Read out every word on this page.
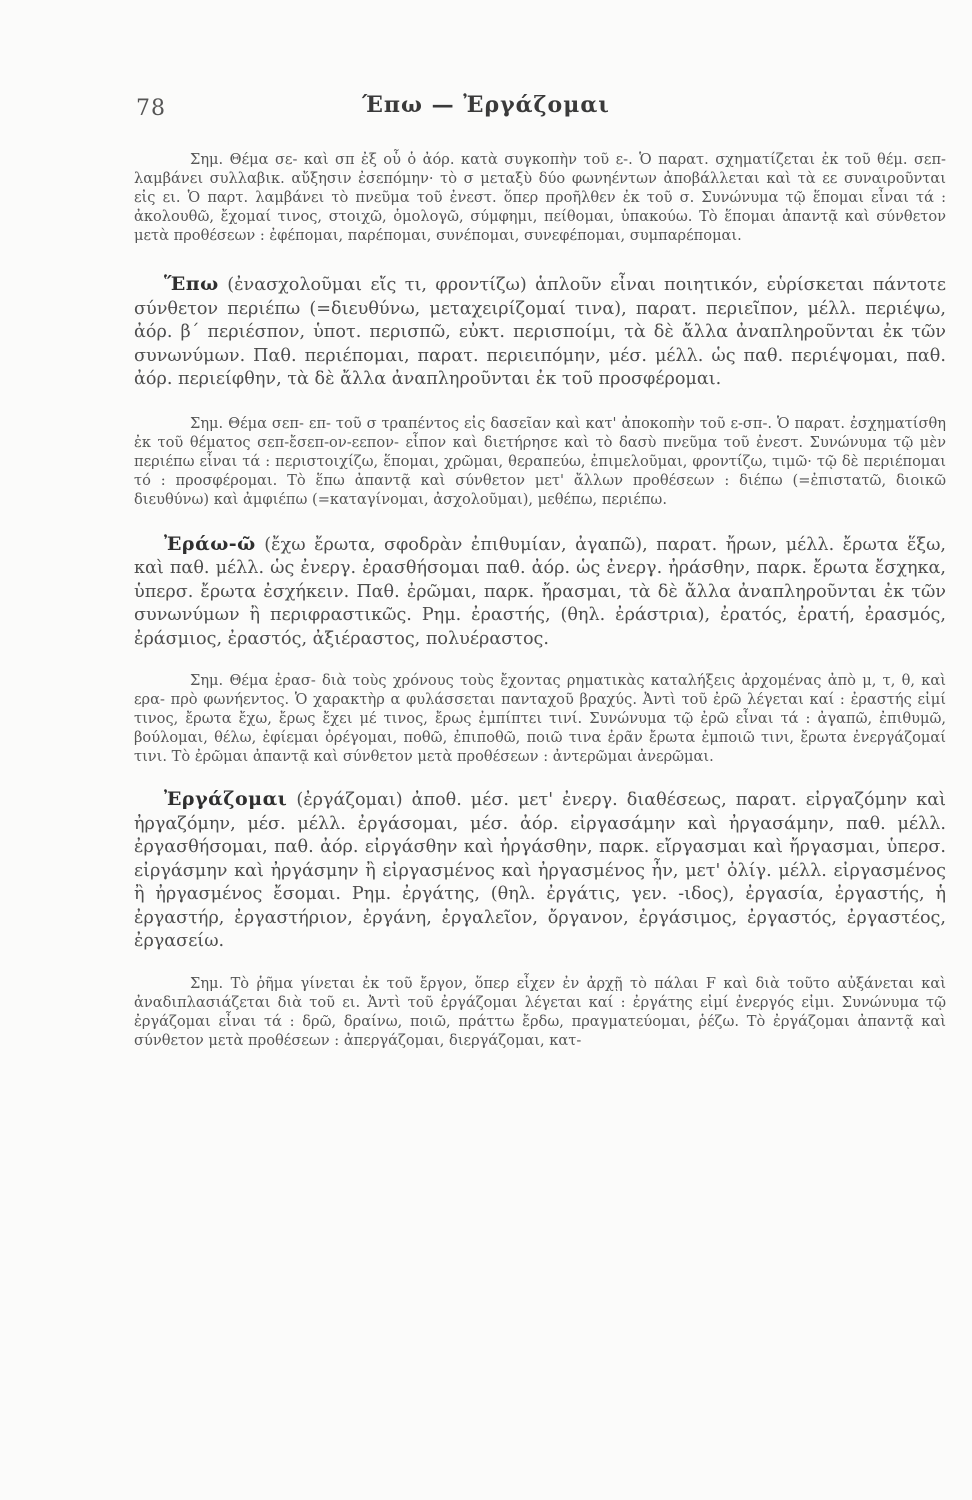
78	Έπω — Ἐργάζομαι

Σημ. Θέμα σε- καὶ σπ ἐξ οὗ ὁ ἀόρ. κατὰ συγκοπὴν τοῦ ε-. Ὁ παρατ. σχηματίζεται ἐκ τοῦ θέμ. σεπ- λαμβάνει συλλαβικ. αὔξησιν ἐσεπόμην· τὸ σ μεταξὺ δύο φωνηέντων ἀποβάλλεται καὶ τὰ εε συναιροῦνται εἰς ει. Ὁ παρτ. λαμβάνει τὸ πνεῦμα τοῦ ἐνεστ. ὅπερ προῆλθεν ἐκ τοῦ σ. Συνώνυμα τῷ ἕπομαι εἶναι τά : ἀκολουθῶ, ἔχομαί τινος, στοιχῶ, ὁμολογῶ, σύμφημι, πείθομαι, ὑπακούω. Τὸ ἕπομαι ἀπαντᾷ καὶ σύνθετον μετὰ προθέσεων : ἐφέπομαι, παρέπομαι, συνέπομαι, συνεφέπομαι, συμπαρέπομαι.

Ἕπω (ἐνασχολοῦμαι εἴς τι, φροντίζω) ἁπλοῦν εἶναι ποιητικόν, εὑρίσκεται πάντοτε σύνθετον περιέπω (=διευθύνω, μεταχειρίζομαί τινα), παρατ. περιεῖπον, μέλλ. περιέψω, ἀόρ. β΄ περιέσπον, ὑποτ. περισπῶ, εὐκτ. περισποίμι, τὰ δὲ ἄλλα ἀναπληροῦνται ἐκ τῶν συνωνύμων. Παθ. περιέπομαι, παρατ. περιειπόμην, μέσ. μέλλ. ὡς παθ. περιέψομαι, παθ. ἀόρ. περιείφθην, τὰ δὲ ἄλλα ἀναπληροῦνται ἐκ τοῦ προσφέρομαι.

Σημ. Θέμα σεπ- επ- τοῦ σ τραπέντος εἰς δασεῖαν καὶ κατ' ἀποκοπὴν τοῦ ε-σπ-. Ὁ παρατ. ἐσχηματίσθη ἐκ τοῦ θέματος σεπ-ἔσεπ-ον-εεπον- εἶπον καὶ διετήρησε καὶ τὸ δασὺ πνεῦμα τοῦ ἐνεστ. Συνώνυμα τῷ μὲν περιέπω εἶναι τά : περιστοιχίζω, ἕπομαι, χρῶμαι, θεραπεύω, ἐπιμελοῦμαι, φροντίζω, τιμῶ· τῷ δὲ περιέπομαι τό : προσφέρομαι. Τὸ ἕπω ἀπαντᾷ καὶ σύνθετον μετ' ἄλλων προθέσεων : διέπω (=ἐπιστατῶ, διοικῶ διευθύνω) καὶ ἀμφιέπω (=καταγίνομαι, ἀσχολοῦμαι), μεθέπω, περιέπω.

Ἐράω-ῶ (ἔχω ἔρωτα, σφοδρὰν ἐπιθυμίαν, ἀγαπῶ), παρατ. ἤρων, μέλλ. ἔρωτα ἕξω, καὶ παθ. μέλλ. ὡς ἐνεργ. ἐρασθήσομαι παθ. ἀόρ. ὡς ἐνεργ. ἠράσθην, παρκ. ἔρωτα ἔσχηκα, ὑπερσ. ἔρωτα ἐσχήκειν. Παθ. ἐρῶμαι, παρκ. ἤρασμαι, τὰ δὲ ἄλλα ἀναπληροῦνται ἐκ τῶν συνωνύμων ἢ περιφραστικῶς. Ρημ. ἐραστής, (θηλ. ἐράστρια), ἐρατός, ἐρατή, ἐρασμός, ἐράσμιος, ἐραστός, ἀξιέραστος, πολυέραστος.

Σημ. Θέμα ἐρασ- διὰ τοὺς χρόνους τοὺς ἔχοντας ρηματικὰς καταλήξεις ἀρχομένας ἀπὸ μ, τ, θ, καὶ ερα- πρὸ φωνήεντος. Ὁ χαρακτὴρ α φυλάσσεται πανταχοῦ βραχύς. Ἀντὶ τοῦ ἐρῶ λέγεται καί : ἐραστής εἰμί τινος, ἔρωτα ἔχω, ἔρως ἔχει μέ τινος, ἔρως ἐμπίπτει τινί. Συνώνυμα τῷ ἐρῶ εἶναι τά : ἀγαπῶ, ἐπιθυμῶ, βούλομαι, θέλω, ἐφίεμαι ὀρέγομαι, ποθῶ, ἐπιποθῶ, ποιῶ τινα ἐρᾶν ἔρωτα ἐμποιῶ τινι, ἔρωτα ἐνεργάζομαί τινι. Τὸ ἐρῶμαι ἀπαντᾷ καὶ σύνθετον μετὰ προθέσεων : ἀντερῶμαι ἀνερῶμαι.

Ἐργάζομαι (ἐργάζομαι) ἀποθ. μέσ. μετ' ἐνεργ. διαθέσεως, παρατ. εἰργαζόμην καὶ ἠργαζόμην, μέσ. μέλλ. ἐργάσομαι, μέσ. ἀόρ. εἰργασάμην καὶ ἠργασάμην, παθ. μέλλ. ἐργασθήσομαι, παθ. ἀόρ. εἰργάσθην καὶ ἠργάσθην, παρκ. εἴργασμαι καὶ ἤργασμαι, ὑπερσ. εἰργάσμην καὶ ἠργάσμην ἢ εἰργασμένος καὶ ἠργασμένος ἦν, μετ' ὀλίγ. μέλλ. εἰργασμένος ἢ ἠργασμένος ἔσομαι. Ρημ. ἐργάτης, (θηλ. ἐργάτις, γεν. -ιδος), ἐργασία, ἐργαστής, ἡ ἐργαστήρ, ἐργαστήριον, ἐργάνη, ἐργαλεῖον, ὄργανον, ἐργάσιμος, ἐργαστός, ἐργαστέος, ἐργασείω.

Σημ. Τὸ ῥῆμα γίνεται ἐκ τοῦ ἔργον, ὅπερ εἶχεν ἐν ἀρχῇ τὸ πάλαι F καὶ διὰ τοῦτο αὐξάνεται καὶ ἀναδιπλασιάζεται διὰ τοῦ ει. Ἀντὶ τοῦ ἐργάζομαι λέγεται καί : ἐργάτης εἰμί ἐνεργός εἰμι. Συνώνυμα τῷ ἐργάζομαι εἶναι τά : δρῶ, δραίνω, ποιῶ, πράττω ἔρδω, πραγματεύομαι, ῥέζω. Τὸ ἐργάζομαι ἀπαντᾷ καὶ σύνθετον μετὰ προθέσεων : ἀπεργάζομαι, διεργάζομαι, κατ-
